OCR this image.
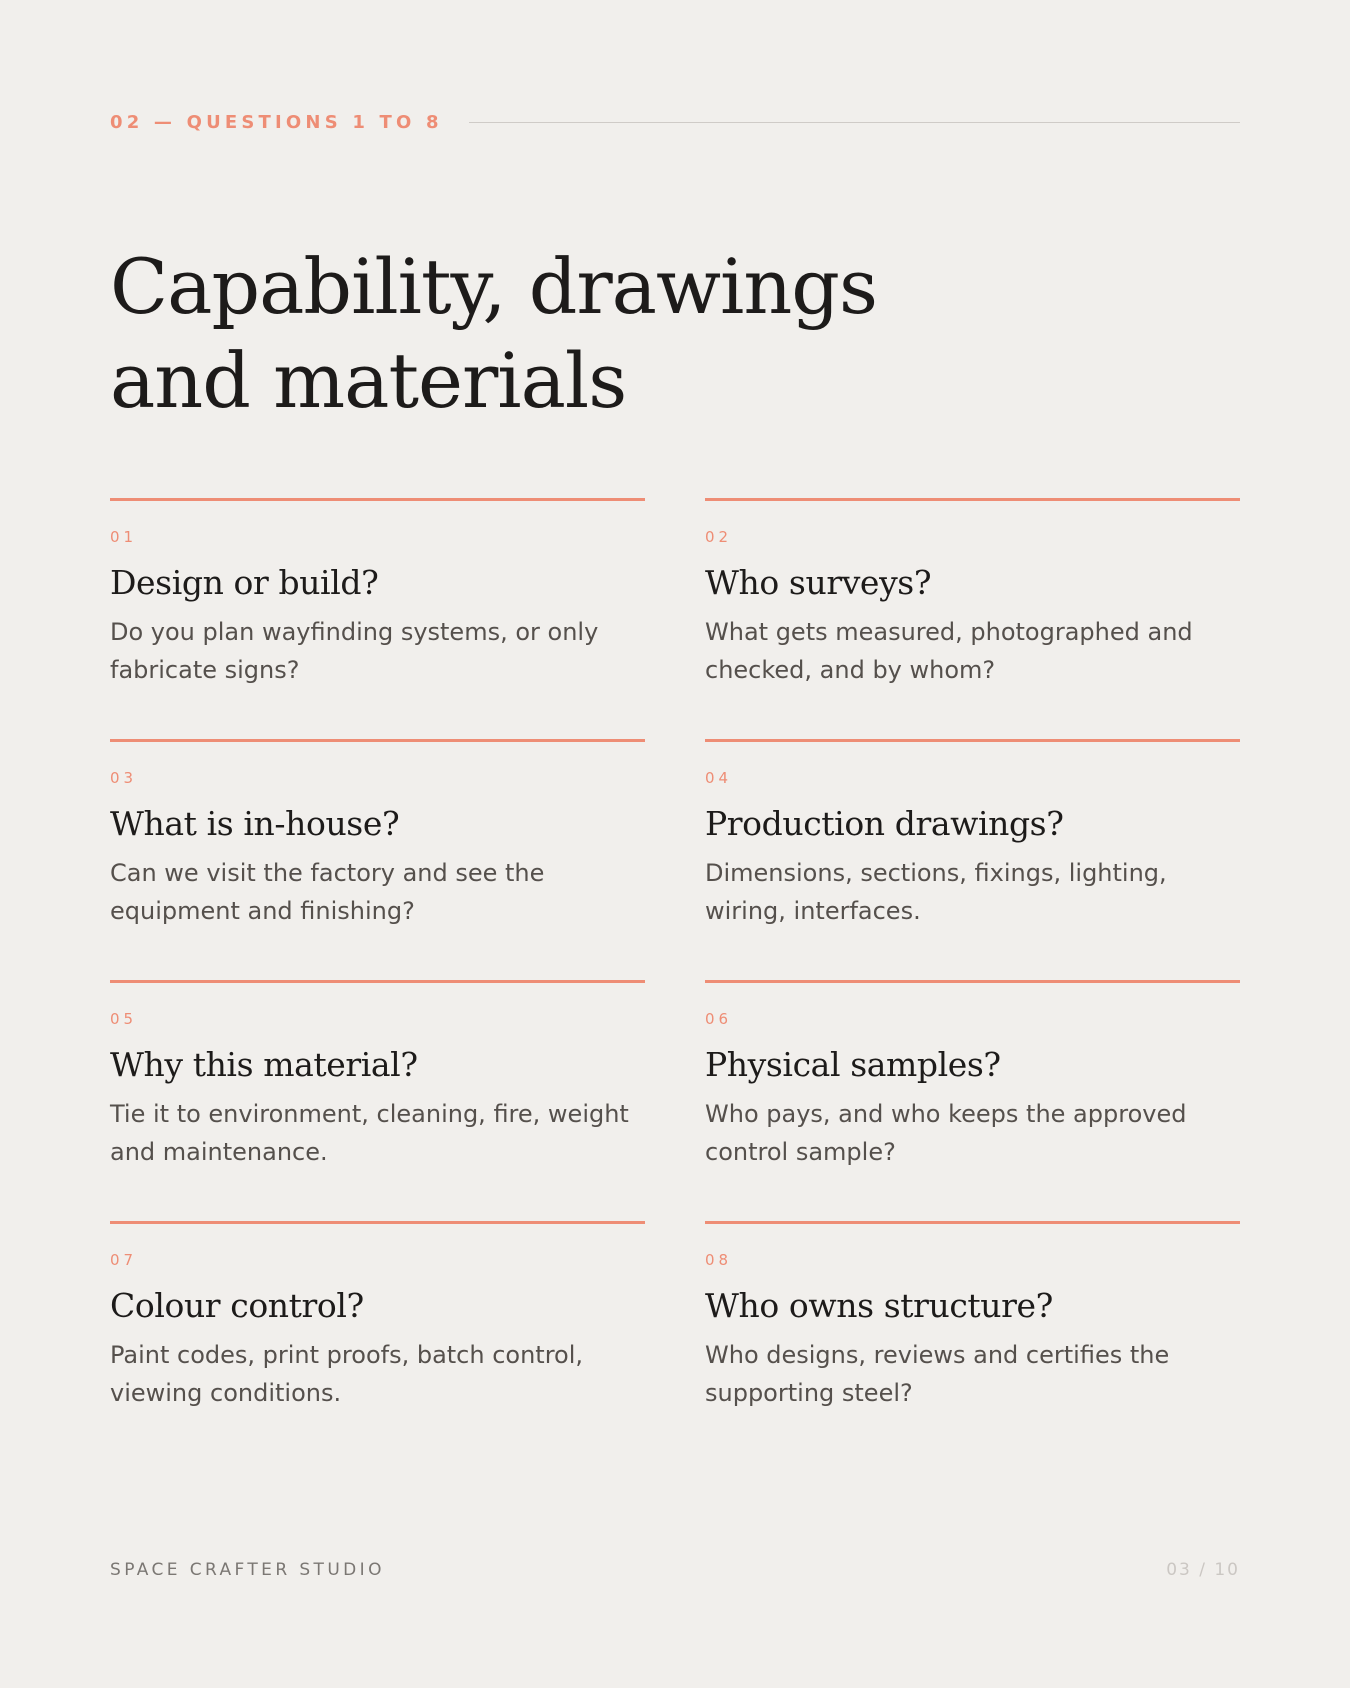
02 — QUESTIONS 1 TO 8
Capability, drawings and materials
01
Design or build?
Do you plan wayfinding systems, or only fabricate signs?
02
Who surveys?
What gets measured, photographed and checked, and by whom?
03
What is in-house?
Can we visit the factory and see the equipment and finishing?
04
Production drawings?
Dimensions, sections, fixings, lighting, wiring, interfaces.
05
Why this material?
Tie it to environment, cleaning, fire, weight and maintenance.
06
Physical samples?
Who pays, and who keeps the approved control sample?
07
Colour control?
Paint codes, print proofs, batch control, viewing conditions.
08
Who owns structure?
Who designs, reviews and certifies the supporting steel?
SPACE CRAFTER STUDIO	03 / 10
